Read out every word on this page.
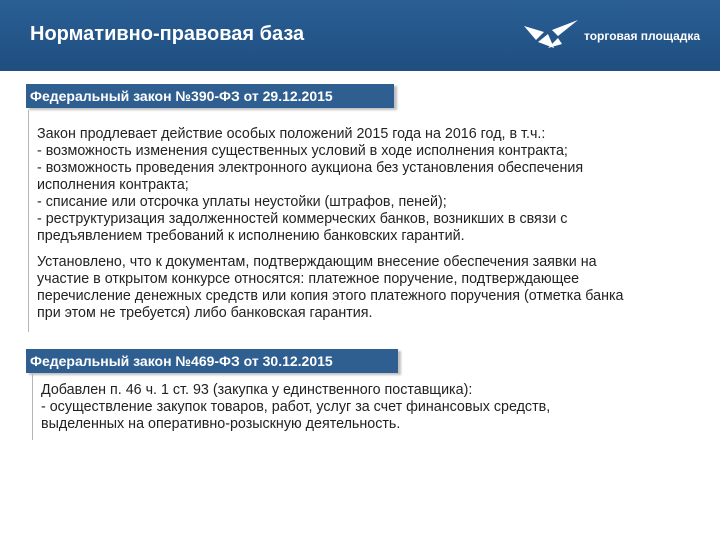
Нормативно-правовая база	торговая площадка
Федеральный закон №390-ФЗ от 29.12.2015

Закон продлевает действие особых положений 2015 года на 2016 год, в т.ч.:

- возможность изменения существенных условий в ходе исполнения контракта;

- возможность проведения электронного аукциона без установления обеспечения

исполнения контракта;

- списание или отсрочка уплаты неустойки (штрафов, пеней);

- реструктуризация задолженностей коммерческих банков, возникших в связи с

предъявлением требований к исполнению банковских гарантий.

Установлено, что к документам, подтверждающим внесение обеспечения заявки на

участие в открытом конкурсе относятся: платежное поручение, подтверждающее

перечисление денежных средств или копия этого платежного поручения (отметка банка

при этом не требуется) либо банковская гарантия.

Федеральный закон №469-ФЗ от 30.12.2015

Добавлен п. 46 ч. 1 ст. 93 (закупка у единственного поставщика):

- осуществление закупок товаров, работ, услуг за счет финансовых средств,

выделенных на оперативно-розыскную деятельность.
